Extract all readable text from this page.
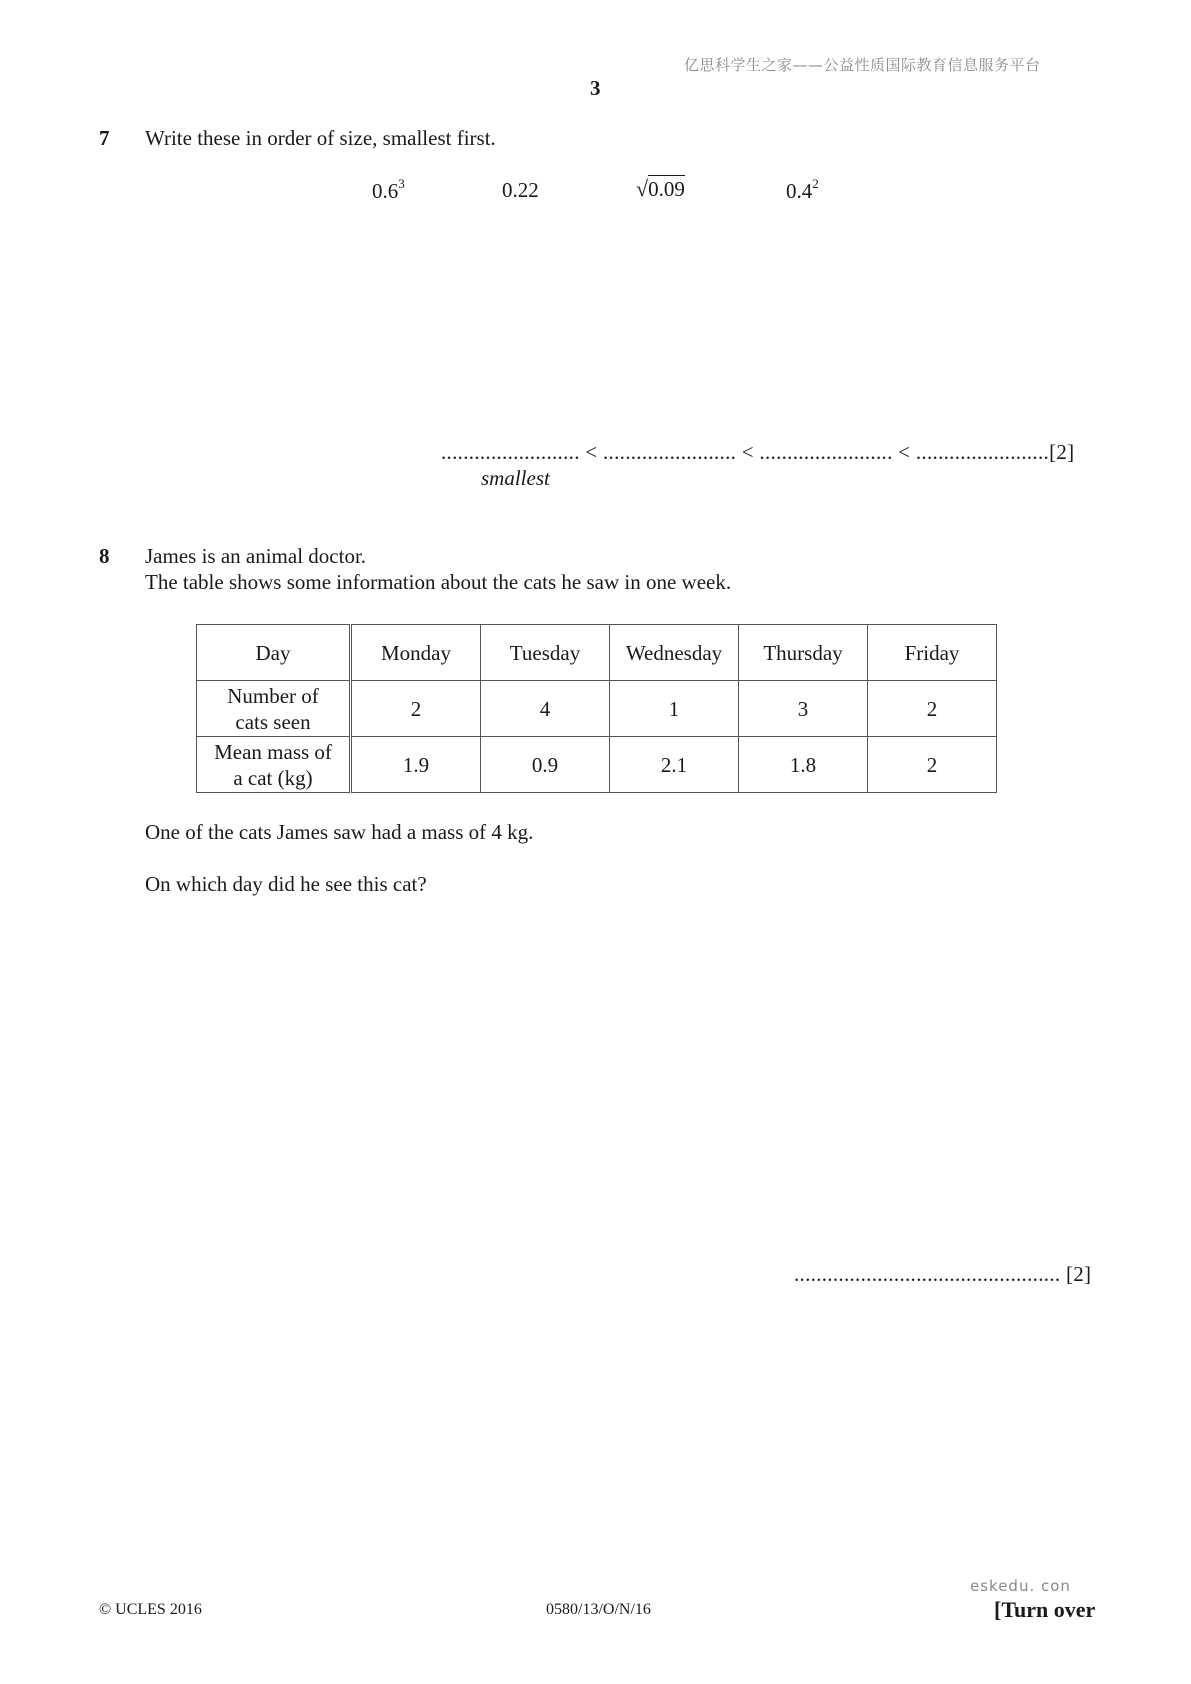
亿思科学生之家——公益性质国际教育信息服务平台
3
7 Write these in order of size, smallest first.
$0.6^3$	0.22	√0.09	$0.4^2$
......................... < ........................ < ........................ < ........................[2]
smallest
8 James is an animal doctor.
The table shows some information about the cats he saw in one week.
Day	Monday	Tuesday	Wednesday	Thursday	Friday
Number of
cats seen	2	4	1	3	2
Mean mass of
a cat (kg)	1.9	0.9	2.1	1.8	2
One of the cats James saw had a mass of 4 kg.
On which day did he see this cat?
................................................ [2]
eskedu. con
© UCLES 2016	0580/13/O/N/16	[Turn over
